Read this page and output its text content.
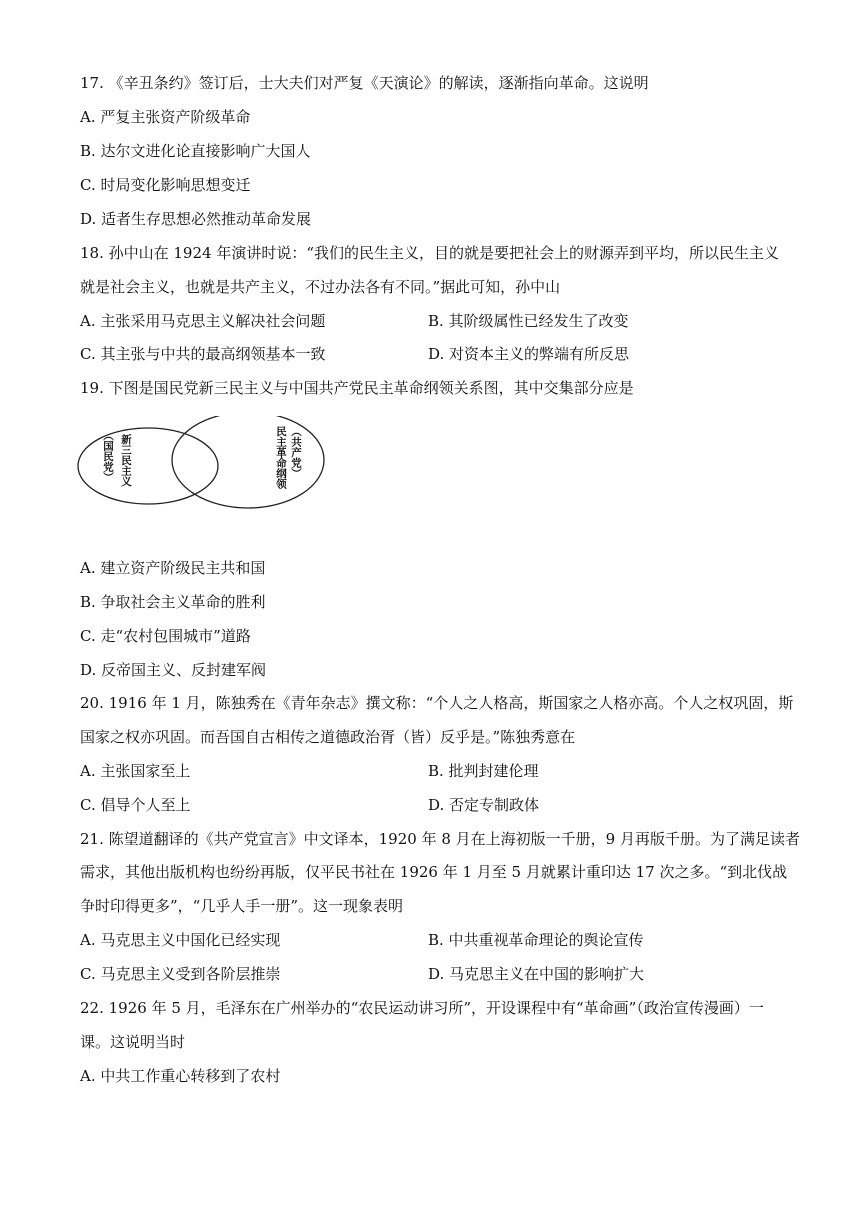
17. 《辛丑条约》签订后，士大夫们对严复《天演论》的解读，逐渐指向革命。这说明
A. 严复主张资产阶级革命
B. 达尔文进化论直接影响广大国人
C. 时局变化影响思想变迁
D. 适者生存思想必然推动革命发展
18. 孙中山在 1924 年演讲时说：“我们的民生主义，目的就是要把社会上的财源弄到平均，所以民生主义
就是社会主义，也就是共产主义，不过办法各有不同。”据此可知，孙中山
A. 主张采用马克思主义解决社会问题	B. 其阶级属性已经发生了改变
C. 其主张与中共的最高纲领基本一致	D. 对资本主义的弊端有所反思
19. 下图是国民党新三民主义与中国共产党民主革命纲领关系图，其中交集部分应是
新三民主义
（国民党）	（共产党）
民主革命纲领
A. 建立资产阶级民主共和国
B. 争取社会主义革命的胜利
C. 走“农村包围城市”道路
D. 反帝国主义、反封建军阀
20. 1916 年 1 月，陈独秀在《青年杂志》撰文称：“个人之人格高，斯国家之人格亦高。个人之权巩固，斯
国家之权亦巩固。而吾国自古相传之道德政治胥（皆）反乎是。”陈独秀意在
A. 主张国家至上	B. 批判封建伦理
C. 倡导个人至上	D. 否定专制政体
21. 陈望道翻译的《共产党宣言》中文译本，1920 年 8 月在上海初版一千册，9 月再版千册。为了满足读者
需求，其他出版机构也纷纷再版，仅平民书社在 1926 年 1 月至 5 月就累计重印达 17 次之多。“到北伐战
争时印得更多”，“几乎人手一册”。这一现象表明
A. 马克思主义中国化已经实现	B. 中共重视革命理论的舆论宣传
C. 马克思主义受到各阶层推崇	D. 马克思主义在中国的影响扩大
22. 1926 年 5 月，毛泽东在广州举办的“农民运动讲习所”，开设课程中有“革命画”（政治宣传漫画）一
课。这说明当时
A. 中共工作重心转移到了农村
